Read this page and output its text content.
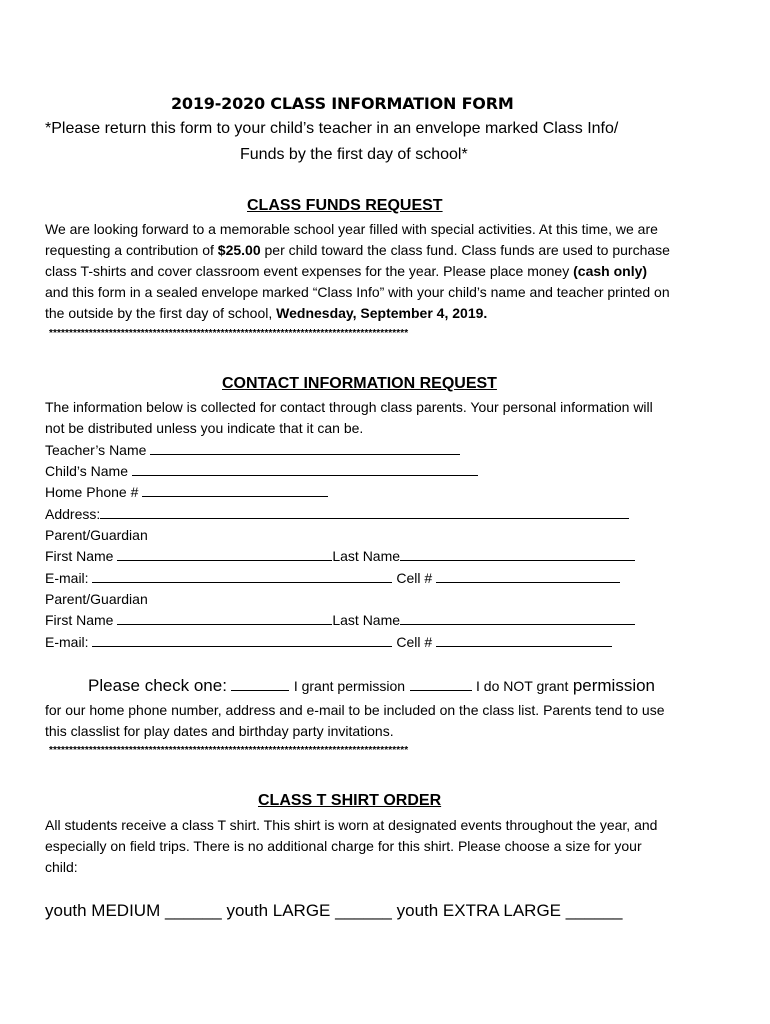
2019-2020 CLASS INFORMATION FORM
*Please return this form to your child’s teacher in an envelope marked Class Info/
Funds by the first day of school*
CLASS FUNDS REQUEST
We are looking forward to a memorable school year filled with special activities. At this time, we are
requesting a contribution of $25.00 per child toward the class fund. Class funds are used to purchase
class T-shirts and cover classroom event expenses for the year. Please place money (cash only)
and this form in a sealed envelope marked “Class Info” with your child’s name and teacher printed on
the outside by the first day of school, Wednesday, September 4, 2019.
******************************************************************************************
CONTACT INFORMATION REQUEST
The information below is collected for contact through class parents. Your personal information will
not be distributed unless you indicate that it can be.
Teacher’s Name
Child’s Name
Home Phone #
Address:
Parent/Guardian
First Name	Last Name
E-mail:	Cell #
Parent/Guardian
First Name	Last Name
E-mail:	Cell #
Please check one:	I grant permission	I do NOT grant permission
for our home phone number, address and e-mail to be included on the class list. Parents tend to use
this classlist for play dates and birthday party invitations.
******************************************************************************************
CLASS T SHIRT ORDER
All students receive a class T shirt. This shirt is worn at designated events throughout the year, and
especially on field trips. There is no additional charge for this shirt. Please choose a size for your
child:
youth MEDIUM ______ youth LARGE ______ youth EXTRA LARGE ______
